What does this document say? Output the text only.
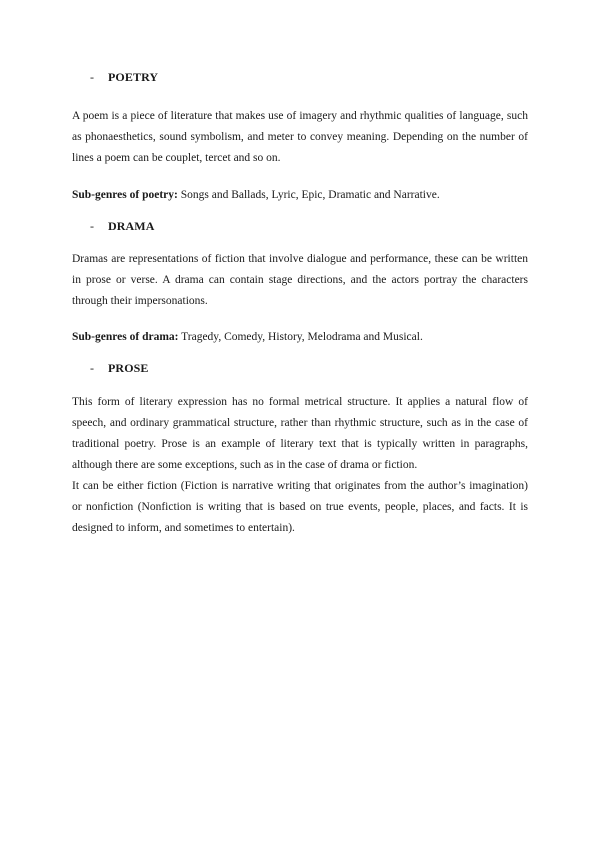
- POETRY

A poem is a piece of literature that makes use of imagery and rhythmic qualities of language, such as phonaesthetics, sound symbolism, and meter to convey meaning. Depending on the number of lines a poem can be couplet, tercet and so on.

Sub-genres of poetry: Songs and Ballads, Lyric, Epic, Dramatic and Narrative.
- DRAMA

Dramas are representations of fiction that involve dialogue and performance, these can be written in prose or verse. A drama can contain stage directions, and the actors portray the characters through their impersonations.

Sub-genres of drama: Tragedy, Comedy, History, Melodrama and Musical.
- PROSE

This form of literary expression has no formal metrical structure. It applies a natural flow of speech, and ordinary grammatical structure, rather than rhythmic structure, such as in the case of traditional poetry. Prose is an example of literary text that is typically written in paragraphs, although there are some exceptions, such as in the case of drama or fiction.

It can be either fiction (Fiction is narrative writing that originates from the author’s imagination) or nonfiction (Nonfiction is writing that is based on true events, people, places, and facts. It is designed to inform, and sometimes to entertain).
